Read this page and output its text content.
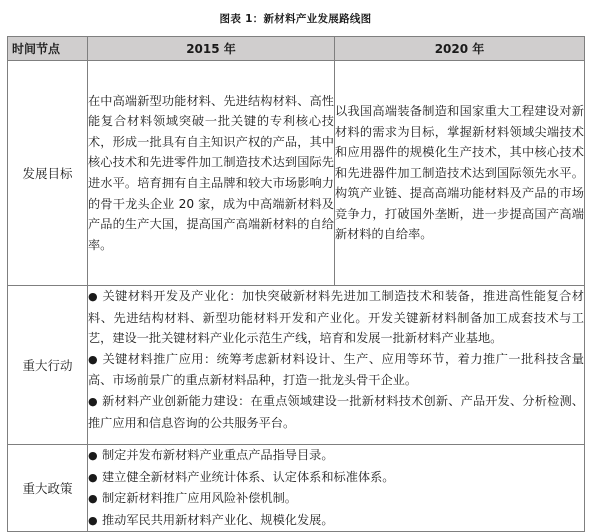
图表 1：新材料产业发展路线图
时间节点	2015 年	2020 年
发展目标	在中高端新型功能材料、先进结构材料、高性能复合材料领域突破一批关键的专利核心技术，形成一批具有自主知识产权的产品，其中核心技术和先进零件加工制造技术达到国际先进水平。培育拥有自主品牌和较大市场影响力的骨干龙头企业 20 家，成为中高端新材料及产品的生产大国，提高国产高端新材料的自给率。	以我国高端装备制造和国家重大工程建设对新材料的需求为目标，掌握新材料领域尖端技术和应用器件的规模化生产技术，其中核心技术和先进器件加工制造技术达到国际领先水平。构筑产业链、提高高端功能材料及产品的市场竞争力，打破国外垄断，进一步提高国产高端新材料的自给率。
重大行动	● 关键材料开发及产业化：加快突破新材料先进加工制造技术和装备，推进高性能复合材料、先进结构材料、新型功能材料开发和产业化。开发关键新材料制备加工成套技术与工艺，建设一批关键材料产业化示范生产线，培育和发展一批新材料产业基地。
● 关键材料推广应用：统筹考虑新材料设计、生产、应用等环节，着力推广一批科技含量高、市场前景广的重点新材料品种，打造一批龙头骨干企业。
● 新材料产业创新能力建设：在重点领域建设一批新材料技术创新、产品开发、分析检测、推广应用和信息咨询的公共服务平台。	

重大政策	● 制定并发布新材料产业重点产品指导目录。
● 建立健全新材料产业统计体系、认定体系和标准体系。
● 制定新材料推广应用风险补偿机制。
● 推动军民共用新材料产业化、规模化发展。	
